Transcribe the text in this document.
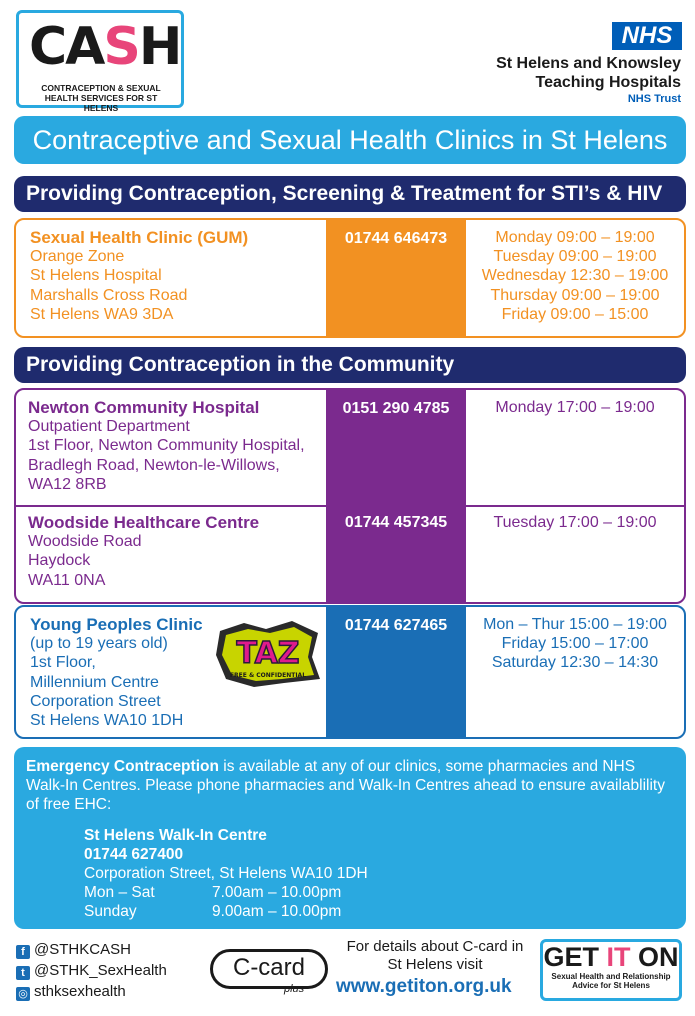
CASH
CONTRACEPTION & SEXUAL HEALTH SERVICES FOR ST HELENS
NHS
St Helens and Knowsley
Teaching Hospitals
NHS Trust
Contraceptive and Sexual Health Clinics in St Helens
Providing Contraception, Screening & Treatment for STI’s & HIV
Sexual Health Clinic (GUM)
Orange Zone
St Helens Hospital
Marshalls Cross Road
St Helens WA9 3DA
01744 646473	Monday 09:00 – 19:00
Tuesday 09:00 – 19:00
Wednesday 12:30 – 19:00
Thursday 09:00 – 19:00
Friday 09:00 – 15:00
Providing Contraception in the Community
Newton Community Hospital
Outpatient Department
1st Floor, Newton Community Hospital,
Bradlegh Road, Newton-le-Willows,
WA12 8RB
0151 290 4785	Monday 17:00 – 19:00
Woodside Healthcare Centre
Woodside Road
Haydock
WA11 0NA
01744 457345	Tuesday 17:00 – 19:00
Young Peoples Clinic
(up to 19 years old)
1st Floor,
Millennium Centre
Corporation Street
St Helens WA10 1DH
01744 627465	Mon – Thur 15:00 – 19:00
Friday 15:00 – 17:00
Saturday 12:30 – 14:30
TAZ
FREE & CONFIDENTIAL
Emergency Contraception is available at any of our clinics, some pharmacies and NHS Walk-In Centres. Please phone pharmacies and Walk-In Centres ahead to ensure availablility of free EHC:
St Helens Walk-In Centre
01744 627400
Corporation Street, St Helens WA10 1DH
Mon – Sat	7.00am – 10.00pm
Sunday	9.00am – 10.00pm
f @STHKCASH
t @STHK_SexHealth
◎ sthksexhealth
C-card
plus
For details about C-card in
St Helens visit
www.getiton.org.uk
GET IT ON
Sexual Health and Relationship Advice for St Helens
